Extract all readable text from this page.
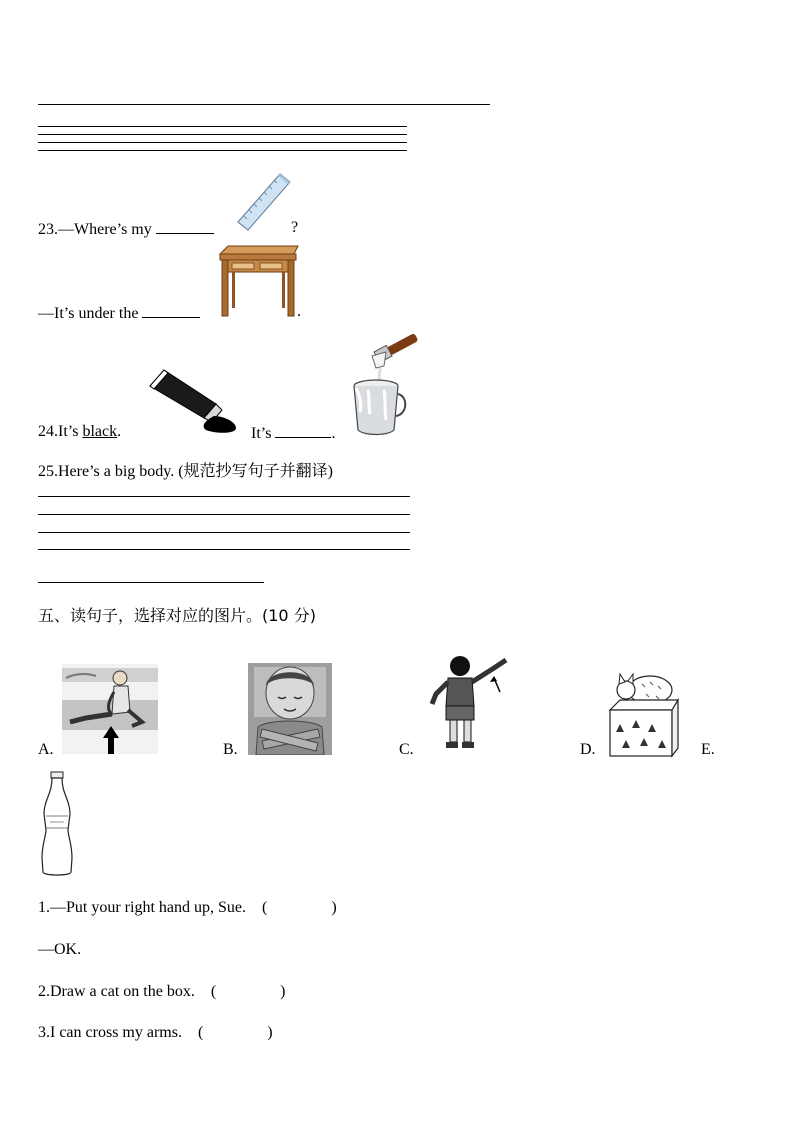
23.—Where’s my	?
—It’s under the	.
24.It’s black.	It’s	.
25.Here’s a big body. (规范抄写句子并翻译)
五、读句子，选择对应的图片。(10 分)
A.	B.	C.	D.	E.
1.—Put your right hand up, Sue. (                )
—OK.
2.Draw a cat on the box. (                )
3.I can cross my arms. (                )
